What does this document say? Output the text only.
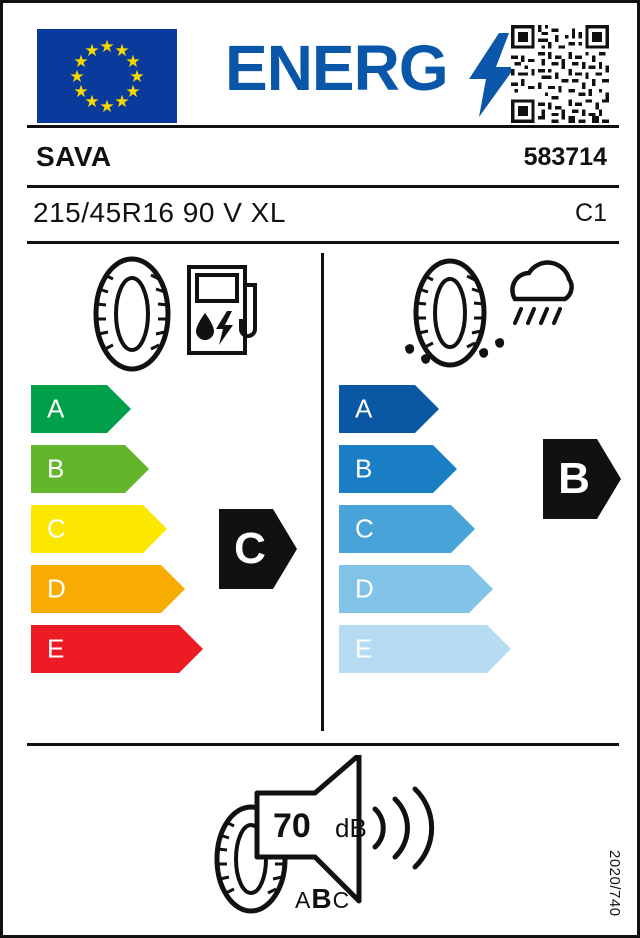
★ ★
★
★
★
★
★
★
★
★
★
★ ENERG
SAVA	583714
215/45R16 90 V XL	C1
A
B
C
D
E
A
B
C
D
E
C
B
70 dB
ABC	2020/740
